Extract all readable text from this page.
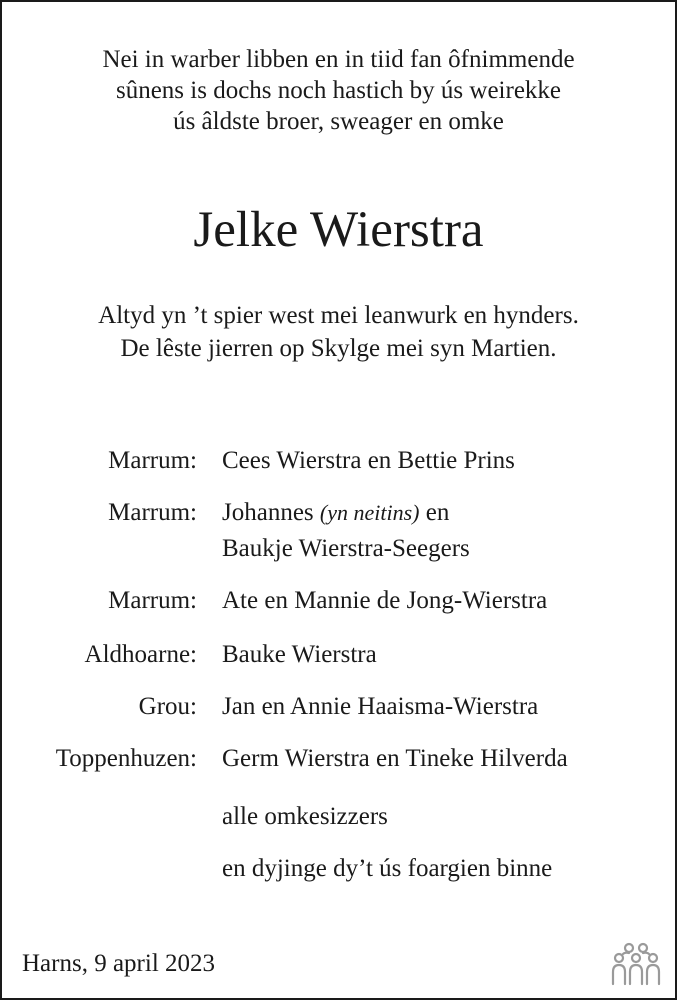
Nei in warber libben en in tiid fan ôfnimmende
sûnens is dochs noch hastich by ús weirekke
ús âldste broer, sweager en omke
Jelke Wierstra
Altyd yn ’t spier west mei leanwurk en hynders.
De lêste jierren op Skylge mei syn Martien.
Marrum: Cees Wierstra en Bettie Prins
Marrum: Johannes (yn neitins) en
Baukje Wierstra-Seegers
Marrum: Ate en Mannie de Jong-Wierstra
Aldhoarne: Bauke Wierstra
Grou: Jan en Annie Haaisma-Wierstra
Toppenhuzen: Germ Wierstra en Tineke Hilverda
alle omkesizzers
en dyjinge dy’t ús foargien binne
Harns, 9 april 2023
